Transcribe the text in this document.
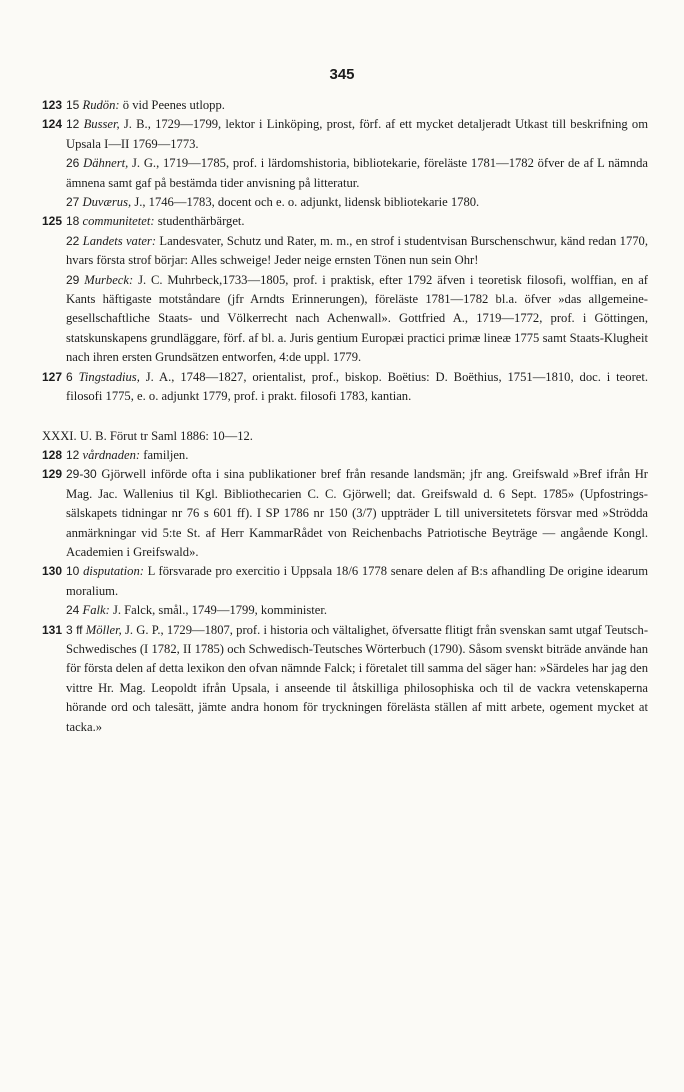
345
123 15 Rudön: ö vid Peenes utlopp.
124 12 Busser, J. B., 1729—1799, lektor i Linköping, prost, förf. af ett mycket detaljeradt Utkast till beskrifning om Upsala I—II 1769—1773.
26 Dähnert, J. G., 1719—1785, prof. i lärdomshistoria, bibliotekarie, föreläste 1781—1782 öfver de af L nämnda ämnena samt gaf på bestämda tider anvisning på litteratur.
27 Duværus, J., 1746—1783, docent och e. o. adjunkt, lidensk bibliotekarie 1780.
125 18 communitetet: studenthärbärget.
22 Landets vater: Landesvater, Schutz und Rater, m. m., en strof i studentvisan Burschenschwur, känd redan 1770, hvars första strof börjar: Alles schweige! Jeder neige ernsten Tönen nun sein Ohr!
29 Murbeck: J. C. Muhrbeck,1733—1805, prof. i praktisk, efter 1792 äfven i teoretisk filosofi, wolffian, en af Kants häftigaste motståndare (jfr Arndts Erinnerungen), föreläste 1781—1782 bl.a. öfver »das allgemeine-gesellschaftliche Staats- und Völkerrecht nach Achenwall». Gottfried A., 1719—1772, prof. i Göttingen, statskunskapens grundläggare, förf. af bl. a. Juris gentium Europæi practici primæ lineæ 1775 samt Staats-Klugheit nach ihren ersten Grundsätzen entworfen, 4:de uppl. 1779.
127 6 Tingstadius, J. A., 1748—1827, orientalist, prof., biskop. Boëtius: D. Boëthius, 1751—1810, doc. i teoret. filosofi 1775, e. o. adjunkt 1779, prof. i prakt. filosofi 1783, kantian.
XXXI. U. B. Förut tr Saml 1886: 10—12.
128 12 vårdnaden: familjen.
129 29-30 Gjörwell införde ofta i sina publikationer bref från resande landsmän; jfr ang. Greifswald »Bref ifrån Hr Mag. Jac. Wallenius til Kgl. Bibliothecarien C. C. Gjörwell; dat. Greifswald d. 6 Sept. 1785» (Upfostrings-sälskapets tidningar nr 76 s 601 ff). I SP 1786 nr 150 (3/7) uppträder L till universitetets försvar med »Strödda anmärkningar vid 5:te St. af Herr KammarRådet von Reichenbachs Patriotische Beyträge — angående Kongl. Academien i Greifswald».
130 10 disputation: L försvarade pro exercitio i Uppsala 18/6 1778 senare delen af B:s afhandling De origine idearum moralium.
24 Falk: J. Falck, smål., 1749—1799, komminister.
131 3 ff Möller, J. G. P., 1729—1807, prof. i historia och vältalighet, öfversatte flitigt från svenskan samt utgaf Teutsch-Schwedisches (I 1782, II 1785) och Schwedisch-Teutsches Wörterbuch (1790). Såsom svenskt biträde använde han för första delen af detta lexikon den ofvan nämnde Falck; i företalet till samma del säger han: »Särdeles har jag den vittre Hr. Mag. Leopoldt ifrån Upsala, i anseende til åtskilliga philosophiska och til de vackra vetenskaperna hörande ord och talesätt, jämte andra honom för tryckningen förelästa ställen af mitt arbete, ogement mycket at tacka.»
